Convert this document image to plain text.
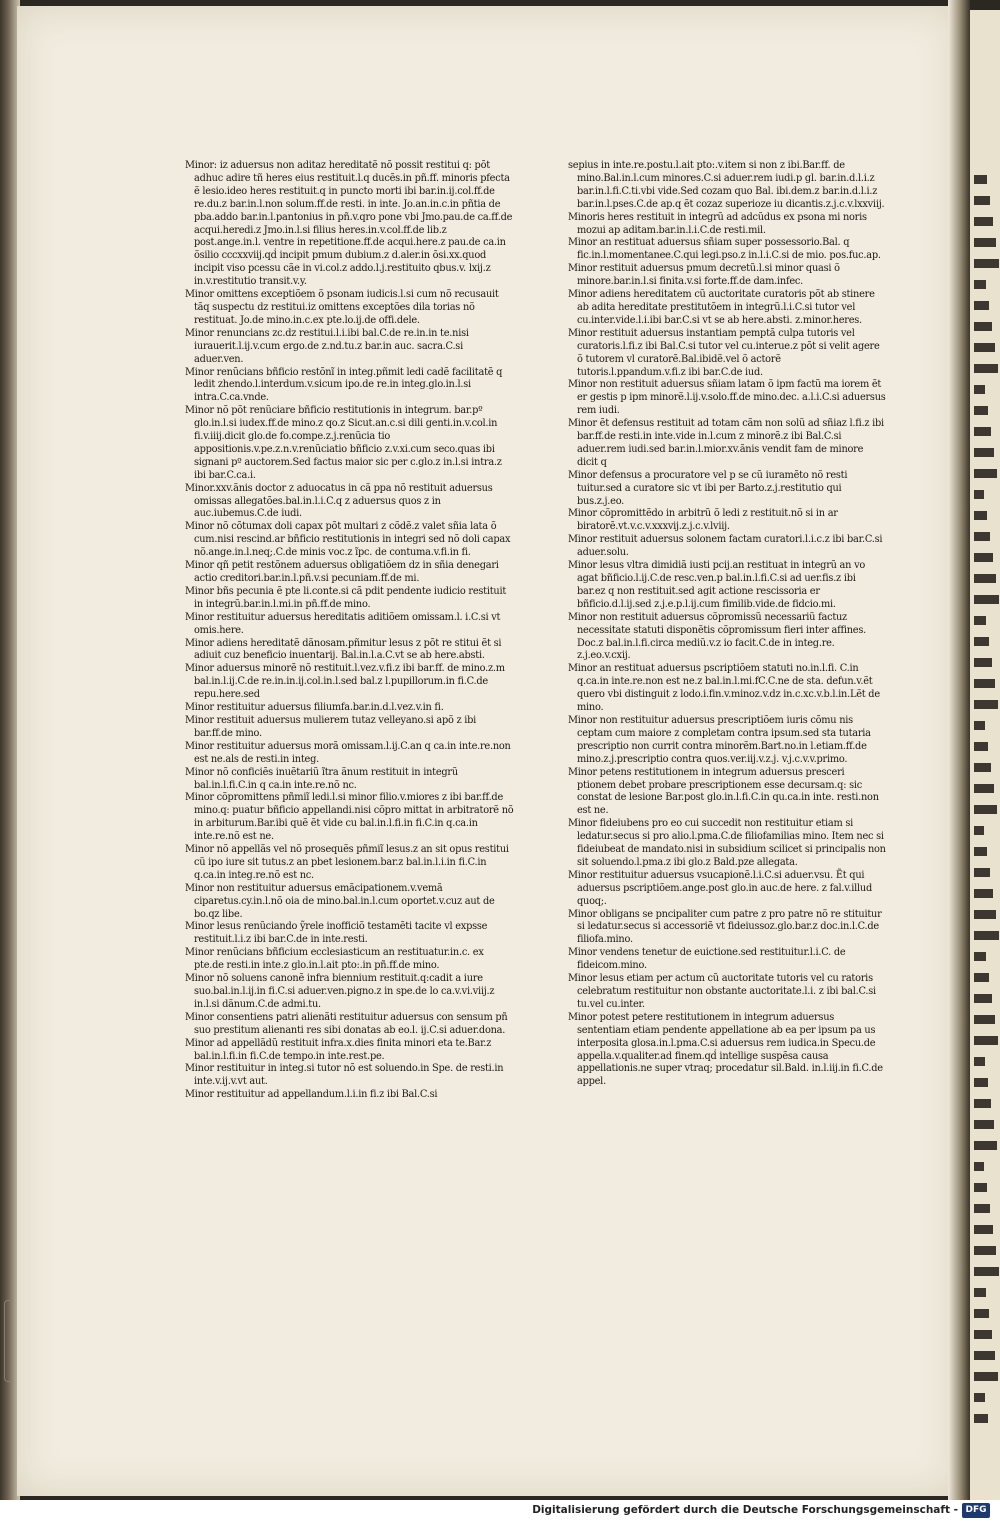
Minor: iz aduersus non aditaz hereditatẽ nõ possit restitui q: põt adhuc adire tñ heres eius restituit.l.q ducẽs.in pñ.ff. minoris pfecta ẽ lesio.ideo heres restituit.q in puncto morti ibi bar.in.ij.col.ff.de re.du.z bar.in.l.non solum.ff.de resti. in inte. Jo.an.in.c.in pñtia de pba.addo bar.in.l.pantonius in pñ.v.qro pone vbi Jmo.pau.de ca.ff.de acqui.heredi.z Jmo.in.l.si filius heres.in.v.col.ff.de lib.z post.ange.in.l. ventre in repetitione.ff.de acqui.here.z pau.de ca.in õsilio cccxxviij.qḋ incipit pmum dubium.z d.aler.in õsi.xx.quod incipit viso pcessu cãe in vi.col.z addo.l.j.restituito qbus.v. lxij.z in.v.restitutio transit.v.y.
Minor omittens exceptiõem õ psonam iudicis.l.si cum nõ recusauit tãq suspectu dz restitui.iz omittens exceptões dila torias nõ restituat. Jo.de mino.in.c.ex pte.lo.ij.de offi.dele.
Minor renuncians zc.dz restitui.l.i.ibi bal.C.de re.in.in te.nisi iurauerit.l.ij.v.cum ergo.de z.nd.tu.z bar.in auc. sacra.C.si aduer.ven.
Minor renũcians bñficio restõnĩ in integ.pñmit ledi cadẽ facilitatẽ q ledit zhendo.l.interdum.v.sicum ipo.de re.in integ.glo.in.l.si intra.C.ca.vnde.
Minor nõ põt renũciare bñficio restitutionis in integrum. bar.pº glo.in.l.si iudex.ff.de mino.z qo.z Sicut.an.c.si dili genti.in.v.col.in fi.v.iiij.dicit glo.de fo.compe.z.j.renũcia tio appositionis.v.pe.z.n.v.renũciatio bñficio z.v.xi.cum seco.quas ibi signani pº auctorem.Sed factus maior sic per c.glo.z in.l.si intra.z ibi bar.C.ca.i.
Minor.xxv.ãnis doctor z aduocatus in cã ppa nõ restituit aduersus omissas allegatões.bal.in.l.i.C.q z aduersus quos z in auc.iubemus.C.de iudi.
Minor nõ cõtumax doli capax põt multari z cõdẽ.z valet sñia lata õ cum.nisi rescind.ar bñficio restitutionis in integri sed nõ doli capax nõ.ange.in.l.neq;.C.de minis voc.z ĩpc. de contuma.v.fi.in fi.
Minor qñ petit restõnem aduersus obligatiõem dz in sñia denegari actio creditori.bar.in.l.pñ.v.si pecuniam.ff.de mi.
Minor bñs pecunia ẽ pte li.conte.si cã pdit pendente iudicio restituit in integrũ.bar.in.l.mi.in pñ.ff.de mino.
Minor restituitur aduersus hereditatis aditiõem omissam.l. i.C.si vt omis.here.
Minor adiens hereditatẽ dãnosam.pñmitur lesus z põt re stitui ẽt si adiuit cuz beneficio inuentarij. Bal.in.l.a.C.vt se ab here.absti.
Minor aduersus minorẽ nõ restituit.l.vez.v.fi.z ibi bar.ff. de mino.z.m bal.in.l.ij.C.de re.in.in.ij.col.in.l.sed bal.z l.pupillorum.in fi.C.de repu.here.sed
Minor restituitur aduersus filiumfa.bar.in.d.l.vez.v.in fi.
Minor restituit aduersus mulierem tutaz velleyano.si apõ z ibi bar.ff.de mino.
Minor restituitur aduersus morã omissam.l.ij.C.an q ca.in inte.re.non est ne.als de resti.in integ.
Minor nõ conficiẽs inuẽtariũ ĩtra ãnum restituit in integrũ bal.in.l.fi.C.in q ca.in inte.re.nõ nc.
Minor cõpromittens pñmiĩ ledi.l.si minor filio.v.miores z ibi bar.ff.de mino.q: puatur bñficio appellandi.nisi cõpro mittat in arbitratorẽ nõ in arbiturum.Bar.ibi quẽ ẽt vide cu bal.in.l.fi.in fi.C.in q.ca.in inte.re.nõ est ne.
Minor nõ appellãs vel nõ prosequẽs pñmiĩ lesus.z an sit opus restitui cũ ipo iure sit tutus.z an pbet lesionem.bar.z bal.in.l.i.in fi.C.in q.ca.in integ.re.nõ est nc.
Minor non restituitur aduersus emãcipationem.v.vemã ciparetus.cy.in.l.nõ oia de mino.bal.in.l.cum oportet.v.cuz aut de bo.qz libe.
Minor lesus renũciando ỹrele inofficiõ testamẽti tacite vl expsse restituit.l.i.z ibi bar.C.de in inte.resti.
Minor renũcians bñficium ecclesiasticum an restituatur.in.c. ex pte.de resti.in inte.z glo.in.l.ait pto:.in pñ.ff.de mino.
Minor nõ soluens canonẽ infra biennium restituit.q:cadit a iure suo.bal.in.l.ij.in fi.C.si aduer.ven.pigno.z in spe.de lo ca.v.vi.viij.z in.l.si dãnum.C.de admi.tu.
Minor consentiens patri alienãti restituitur aduersus con sensum pñ suo prestitum alienanti res sibi donatas ab eo.l. ij.C.si aduer.dona.
Minor ad appellãdũ restituit infra.x.dies finita minori eta te.Bar.z bal.in.l.fi.in fi.C.de tempo.in inte.rest.pe.
Minor restituitur in integ.si tutor nõ est soluendo.in Spe. de resti.in inte.v.ij.v.vt aut.
Minor restituitur ad appellandum.l.i.in fi.z ibi Bal.C.si
sepius in inte.re.postu.l.ait pto:.v.item si non z ibi.Bar.ff. de mino.Bal.in.l.cum minores.C.si aduer.rem iudi.p gl. bar.in.d.l.i.z bar.in.l.fi.C.ti.vbi vide.Sed cozam quo Bal. ibi.dem.z bar.in.d.l.i.z bar.in.l.pses.C.de ap.q ẽt cozaz superioze iu dicantis.z.j.c.v.lxxviij.
Minoris heres restituit in integrũ ad adcũdus ex psona mi noris mozui ap aditam.bar.in.l.i.C.de resti.mil.
Minor an restituat aduersus sñiam super possessorio.Bal. q fic.in.l.momentanee.C.qui legi.pso.z in.l.i.C.si de mio. pos.fuc.ap.
Minor restituit aduersus pmum decretũ.l.si minor quasi õ minore.bar.in.l.si finita.v.si forte.ff.de dam.infec.
Minor adiens hereditatem cũ auctoritate curatoris põt ab stinere ab adita hereditate prestitutõem in integrũ.l.i.C.si tutor vel cu.inter.vide.l.i.ibi bar.C.si vt se ab here.absti. z.minor.heres.
Minor restituit aduersus instantiam pemptã culpa tutoris vel curatoris.l.fi.z ibi Bal.C.si tutor vel cu.interue.z põt si velit agere õ tutorem vl curatorẽ.Bal.ibidẽ.vel õ actorẽ tutoris.l.ppandum.v.fi.z ibi bar.C.de iud.
Minor non restituit aduersus sñiam latam õ ipm factũ ma iorem ẽt er gestis p ipm minorẽ.l.ij.v.solo.ff.de mino.dec. a.l.i.C.si aduersus rem iudi.
Minor ẽt defensus restituit ad totam cãm non solũ ad sñiaz l.fi.z ibi bar.ff.de resti.in inte.vide in.l.cum z minorẽ.z ibi Bal.C.si aduer.rem iudi.sed bar.in.l.mior.xv.ãnis vendit fam de minore dicit q
Minor defensus a procuratore vel p se cũ iuramẽto nõ resti tuitur.sed a curatore sic vt ibi per Barto.z.j.restitutio qui bus.z.j.eo.
Minor cõpromittẽdo in arbitrũ õ ledi z restituit.nõ si in ar biratorẽ.vt.v.c.v.xxxvij.z.j.c.v.lviij.
Minor restituit aduersus solonem factam curatori.l.i.c.z ibi bar.C.si aduer.solu.
Minor lesus vltra dimidiã iusti pcij.an restituat in integrũ an vo agat bñficio.l.ij.C.de resc.ven.p bal.in.l.fi.C.si ad uer.fis.z ibi bar.ez q non restituit.sed agit actione rescissoria er bñficio.d.l.ij.sed z.j.e.p.l.ij.cum fimilib.vide.de fidcio.mi.
Minor non restituit aduersus cõpromissũ necessariũ factuz necessitate statuti disponẽtis cõpromissum fieri inter affines. Doc.z bal.in.l.fi.circa mediũ.v.z io facit.C.de in integ.re. z.j.eo.v.cxij.
Minor an restituat aduersus pscriptiõem statuti no.in.l.fi. C.in q.ca.in inte.re.non est ne.z bal.in.l.mi.fC.C.ne de sta. defun.v.ẽt quero vbi distinguit z lodo.i.fin.v.minoz.v.dz in.c.xc.v.b.l.in.Lẽt de mino.
Minor non restituitur aduersus prescriptiõem iuris cõmu nis ceptam cum maiore z completam contra ipsum.sed sta tutaria prescriptio non currit contra minorẽm.Bart.no.in l.etiam.ff.de mino.z.j.prescriptio contra quos.ver.iij.v.z.j. v.j.c.v.v.primo.
Minor petens restitutionem in integrum aduersus presceri ptionem debet probare prescriptionem esse decursam.q: sic constat de lesione Bar.post glo.in.l.fi.C.in qu.ca.in inte. resti.non est ne.
Minor fideiubens pro eo cui succedit non restituitur etiam si ledatur.secus si pro alio.l.pma.C.de filiofamilias mino. Item nec si fideiubeat de mandato.nisi in subsidium scilicet si principalis non sit soluendo.l.pma.z ibi glo.z Bald.pze allegata.
Minor restituitur aduersus vsucapionẽ.l.i.C.si aduer.vsu. Ẽt qui aduersus pscriptiõem.ange.post glo.in auc.de here. z fal.v.illud quoq;.
Minor obligans se pncipaliter cum patre z pro patre nõ re stituitur si ledatur.secus si accessoriẽ vt fideiussoz.glo.bar.z doc.in.l.C.de filiofa.mino.
Minor vendens tenetur de euictione.sed restituitur.l.i.C. de fideicom.mino.
Minor lesus etiam per actum cũ auctoritate tutoris vel cu ratoris celebratum restituitur non obstante auctoritate.l.i. z ibi bal.C.si tu.vel cu.inter.
Minor potest petere restitutionem in integrum aduersus sententiam etiam pendente appellatione ab ea per ipsum pa us interposita glosa.in.l.pma.C.si aduersus rem iudica.in Specu.de appella.v.qualiter.ad finem.qḋ intellige suspẽsa causa appellationis.ne super vtraq; procedatur sil.Bald. in.l.iij.in fi.C.de appel.
Digitalisierung gefördert durch die Deutsche Forschungsgemeinschaft - DFG
